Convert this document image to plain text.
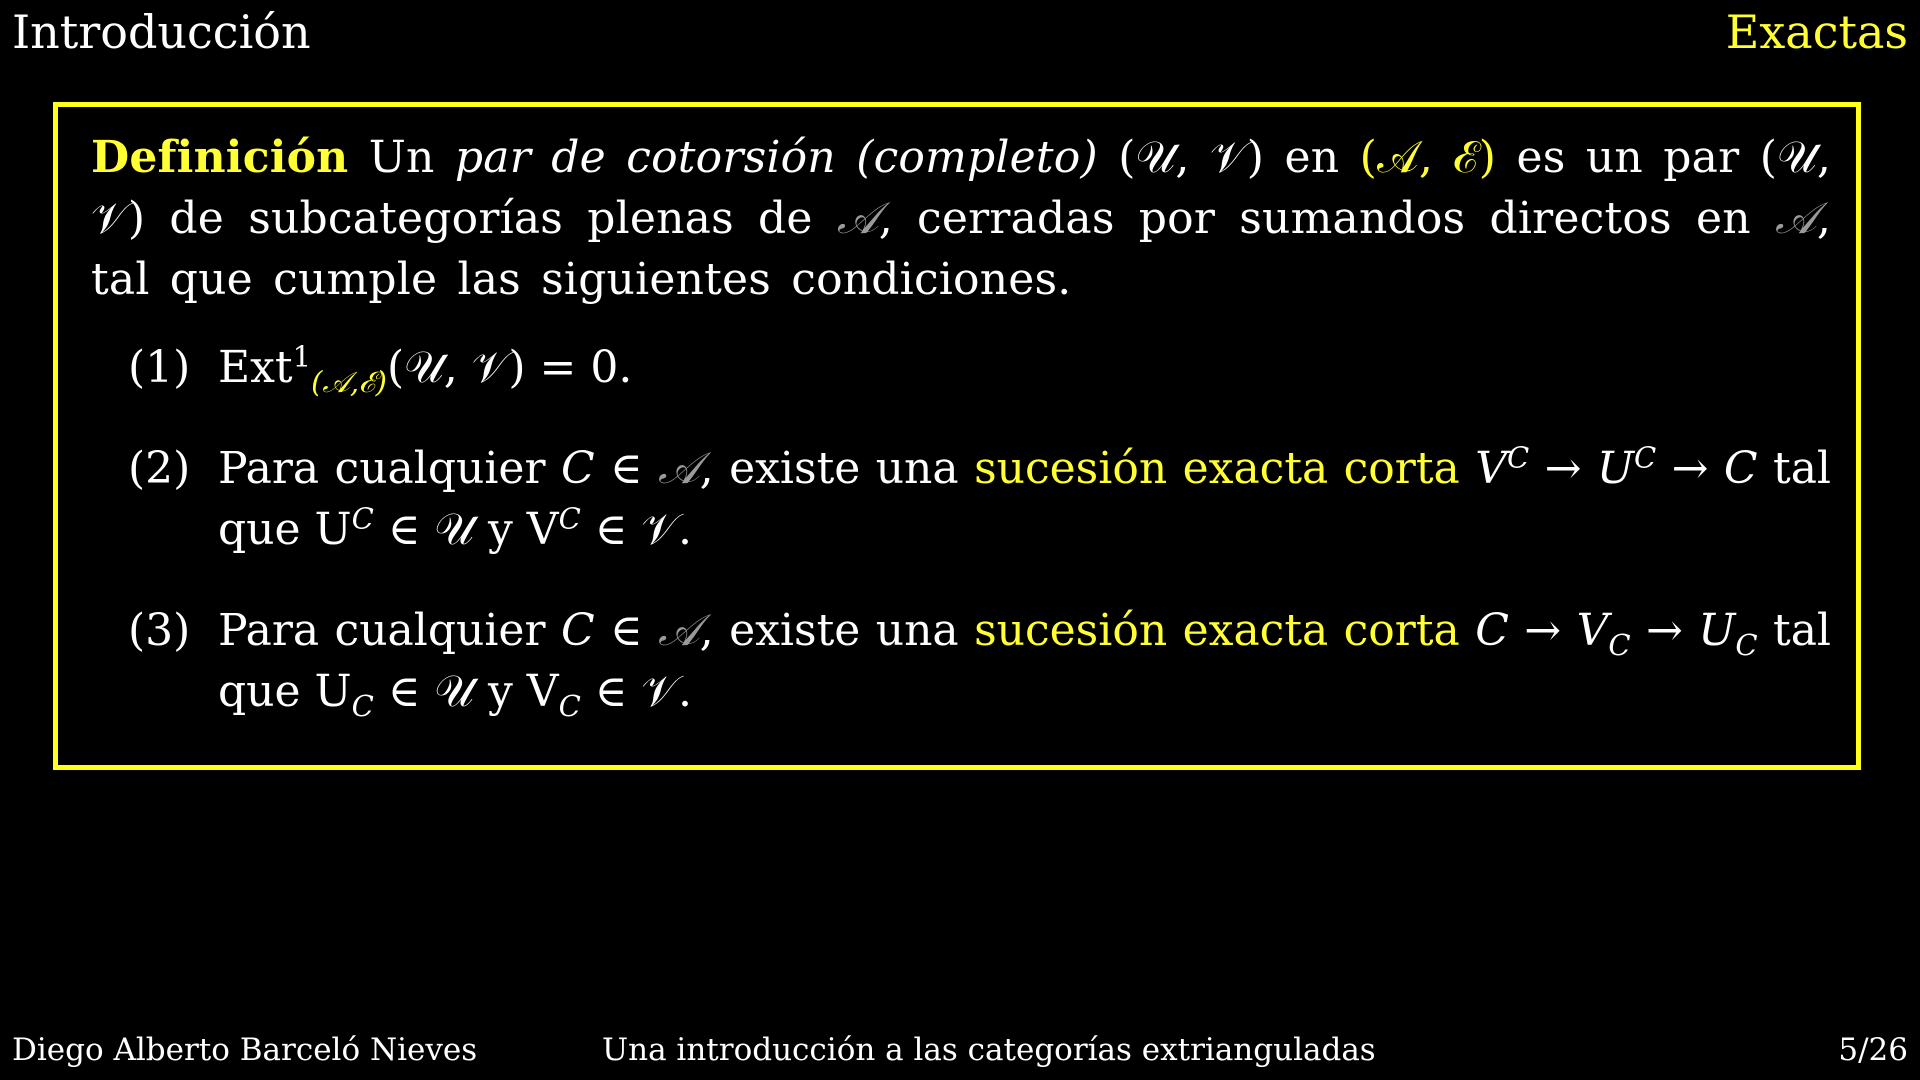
Introducción	Exactas
Definición Un par de cotorsión (completo) (𝒰, 𝒱) en (𝒜, ℰ) es un par (𝒰, 𝒱) de subcategorías plenas de 𝒜, cerradas por sumandos directos en 𝒜, tal que cumple las siguientes condiciones.
(1) Ext$^1_{(𝒜,ℰ)}$(𝒰, 𝒱) = 0.
(2) Para cualquier C ∈ 𝒜, existe una sucesión exacta corta $V^C \to U^C \to C$ tal que $U^C$ ∈ 𝒰 y $V^C$ ∈ 𝒱.
(3) Para cualquier C ∈ 𝒜, existe una sucesión exacta corta $C \to V_C \to U_C$ tal que $U_C$ ∈ 𝒰 y $V_C$ ∈ 𝒱.
Diego Alberto Barceló Nieves	Una introducción a las categorías extrianguladas	5/26
